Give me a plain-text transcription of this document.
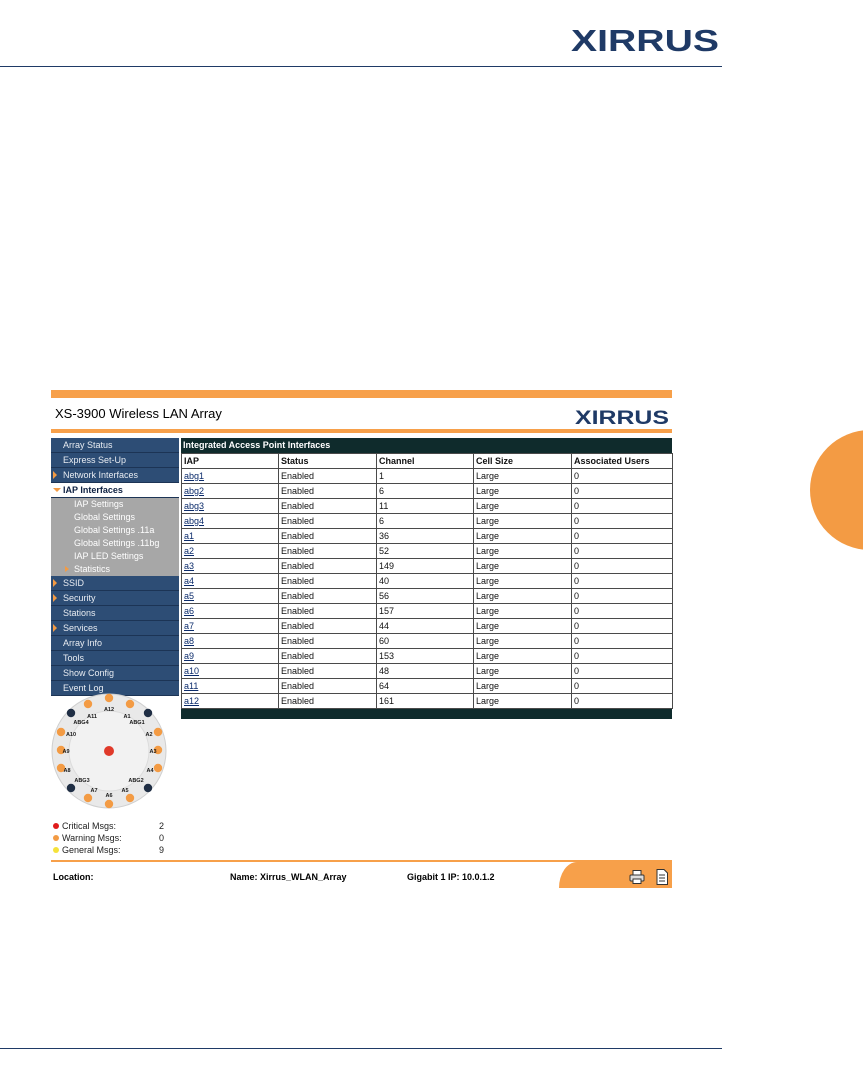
XIRRUS
XS-3900 Wireless LAN Array	XIRRUS
Array Status
Express Set-Up
Network Interfaces
IAP Interfaces
IAP Settings
Global Settings
Global Settings .11a
Global Settings .11bg
IAP LED Settings
Statistics
SSID
Security
Stations
Services
Array Info
Tools
Show Config
Event Log
A12
A11	A1
ABG1
ABG4
A10	A2
A9	A3
A8	A4
ABG3	ABG2
A7	A5
A6
Critical Msgs:	2
Warning Msgs:	0
General Msgs:	9
Integrated Access Point Interfaces
IAP	Status	Channel	Cell Size	Associated Users
abg1	Enabled	1	Large	0
abg2	Enabled	6	Large	0
abg3	Enabled	11	Large	0
abg4	Enabled	6	Large	0
a1	Enabled	36	Large	0
a2	Enabled	52	Large	0
a3	Enabled	149	Large	0
a4	Enabled	40	Large	0
a5	Enabled	56	Large	0
a6	Enabled	157	Large	0
a7	Enabled	44	Large	0
a8	Enabled	60	Large	0
a9	Enabled	153	Large	0
a10	Enabled	48	Large	0
a11	Enabled	64	Large	0
a12	Enabled	161	Large	0
Location:	Name: Xirrus_WLAN_Array	Gigabit 1 IP: 10.0.1.2
